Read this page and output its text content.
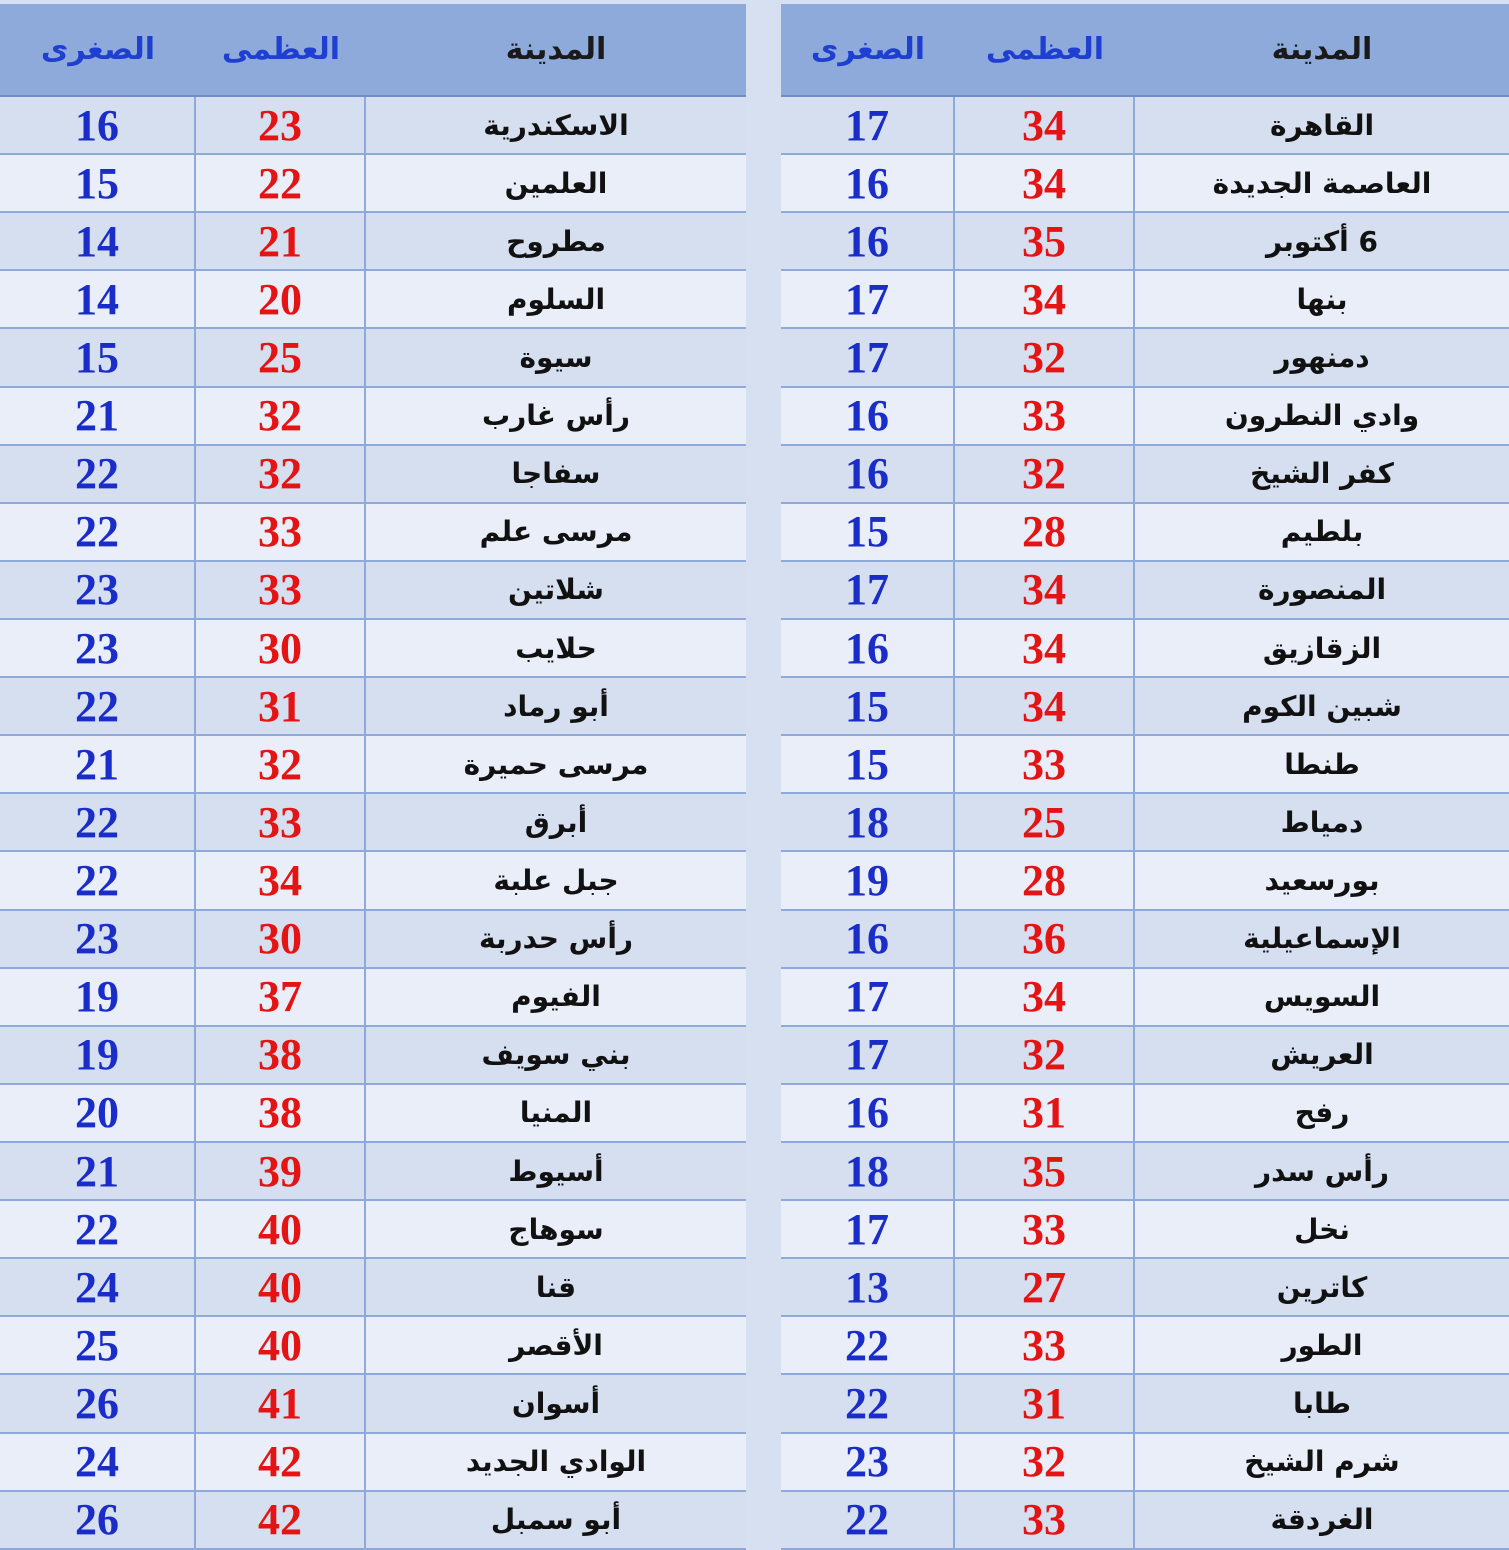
المدينة
العظمى
الصغرى
الاسكندرية
23
16
العلمين
22
15
مطروح
21
14
السلوم
20
14
سيوة
25
15
رأس غارب
32
21
سفاجا
32
22
مرسى علم
33
22
شلاتين
33
23
حلايب
30
23
أبو رماد
31
22
مرسى حميرة
32
21
أبرق
33
22
جبل علبة
34
22
رأس حدربة
30
23
الفيوم
37
19
بني سويف
38
19
المنيا
38
20
أسيوط
39
21
سوهاج
40
22
قنا
40
24
الأقصر
40
25
أسوان
41
26
الوادي الجديد
42
24
أبو سمبل
42
26
المدينة
العظمى
الصغرى
القاهرة
34
17
العاصمة الجديدة
34
16
6 أكتوبر
35
16
بنها
34
17
دمنهور
32
17
وادي النطرون
33
16
كفر الشيخ
32
16
بلطيم
28
15
المنصورة
34
17
الزقازيق
34
16
شبين الكوم
34
15
طنطا
33
15
دمياط
25
18
بورسعيد
28
19
الإسماعيلية
36
16
السويس
34
17
العريش
32
17
رفح
31
16
رأس سدر
35
18
نخل
33
17
كاترين
27
13
الطور
33
22
طابا
31
22
شرم الشيخ
32
23
الغردقة
33
22
